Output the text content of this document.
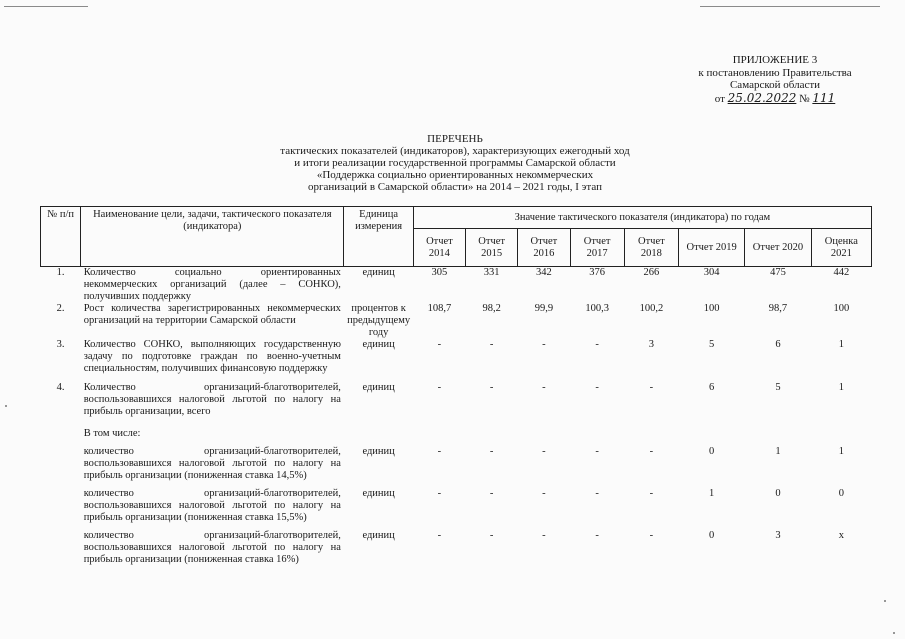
ПРИЛОЖЕНИЕ 3
к постановлению Правительства
Самарской области
от 25.02.2022 № 111
ПЕРЕЧЕНЬ
тактических показателей (индикаторов), характеризующих ежегодный ход
и итоги реализации государственной программы Самарской области
«Поддержка социально ориентированных некоммерческих
организаций в Самарской области» на 2014 – 2021 годы, I этап
№ п/п	Наименование цели, задачи, тактического показателя (индикатора)	Единица измерения	Значение тактического показателя (индикатора) по годам							
			Отчет 2014	Отчет 2015	Отчет 2016	Отчет 2017	Отчет 2018	Отчет 2019	Отчет 2020	Оценка 2021
1.	Количество социально ориентированных некоммерческих организаций (далее – СОНКО), получивших поддержку	единиц	305	331	342	376	266	304	475	442
2.	Рост количества зарегистрированных некоммерческих организаций на территории Самарской области	процентов к предыдущему году	108,7	98,2	99,9	100,3	100,2	100	98,7	100
3.	Количество СОНКО, выполняющих государственную задачу по подготовке граждан по военно-учетным специальностям, получивших финансовую поддержку	единиц	-	-	-	-	3	5	6	1
4.	Количество организаций-благотворителей, воспользовавшихся налоговой льготой по налогу на прибыль организации, всего	единиц	-	-	-	-	-	6	5	1
	В том числе:									
	количество организаций-благотворителей, воспользовавшихся налоговой льготой по налогу на прибыль организации (пониженная ставка 14,5%)	единиц	-	-	-	-	-	0	1	1
	количество организаций-благотворителей, воспользовавшихся налоговой льготой по налогу на прибыль организации (пониженная ставка 15,5%)	единиц	-	-	-	-	-	1	0	0
	количество организаций-благотворителей, воспользовавшихся налоговой льготой по налогу на прибыль организации (пониженная ставка 16%)	единиц	-	-	-	-	-	0	3	х
